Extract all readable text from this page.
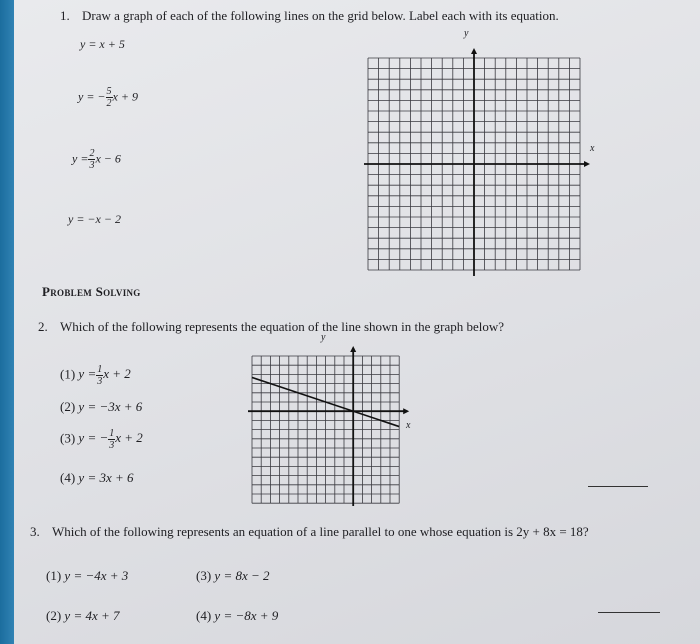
1. Draw a graph of each of the following lines on the grid below. Label each with its equation.
y = x + 5
y = − $\frac{5}{2}$ x + 9
$y = \frac{2}{3}$ x − 6
y = −x − 2
y
x
Problem Solving
2. Which of the following represents the equation of the line shown in the graph below?
(1) $y = \frac{1}{3}$ x + 2
(2) y = −3x + 6
(3) y = − $\frac{1}{3}$ x + 2
(4) y = 3x + 6
y
x
3. Which of the following represents an equation of a line parallel to one whose equation is 2y + 8x = 18?
(1) y = −4x + 3	(3) y = 8x − 2
(2) y = 4x + 7	(4) y = −8x + 9
